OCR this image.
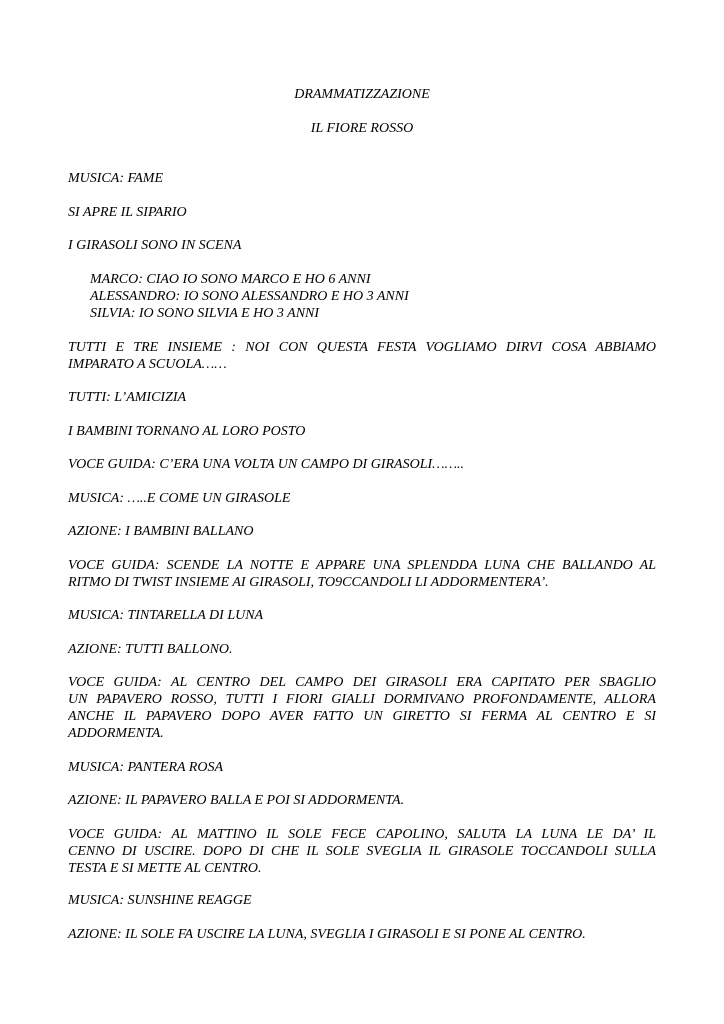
DRAMMATIZZAZIONE
IL FIORE ROSSO
MUSICA: FAME
SI APRE IL SIPARIO
I GIRASOLI SONO IN SCENA
MARCO: CIAO IO SONO MARCO E HO 6 ANNI
ALESSANDRO: IO SONO ALESSANDRO E HO 3 ANNI
SILVIA: IO SONO SILVIA E HO 3 ANNI
TUTTI E TRE INSIEME : NOI CON QUESTA FESTA VOGLIAMO DIRVI COSA ABBIAMO
IMPARATO A SCUOLA……
TUTTI: L’AMICIZIA
I BAMBINI TORNANO AL LORO POSTO
VOCE GUIDA: C’ERA UNA VOLTA UN CAMPO DI GIRASOLI……..
MUSICA: …..E COME UN GIRASOLE
AZIONE: I BAMBINI BALLANO
VOCE GUIDA: SCENDE LA NOTTE E APPARE UNA SPLENDDA LUNA CHE BALLANDO AL
RITMO DI TWIST INSIEME AI GIRASOLI, TO9CCANDOLI LI ADDORMENTERA’.
MUSICA: TINTARELLA DI LUNA
AZIONE: TUTTI BALLONO.
VOCE GUIDA: AL CENTRO DEL CAMPO DEI GIRASOLI ERA CAPITATO PER SBAGLIO
UN PAPAVERO ROSSO, TUTTI I FIORI GIALLI DORMIVANO PROFONDAMENTE, ALLORA
ANCHE IL PAPAVERO DOPO AVER FATTO UN GIRETTO SI FERMA AL CENTRO E SI
ADDORMENTA.
MUSICA: PANTERA ROSA
AZIONE: IL PAPAVERO BALLA E POI SI ADDORMENTA.
VOCE GUIDA: AL MATTINO IL SOLE FECE CAPOLINO, SALUTA LA LUNA LE DA’ IL
CENNO DI USCIRE. DOPO DI CHE IL SOLE SVEGLIA IL GIRASOLE TOCCANDOLI SULLA
TESTA E SI METTE AL CENTRO.
MUSICA: SUNSHINE REAGGE
AZIONE: IL SOLE FA USCIRE LA LUNA, SVEGLIA I GIRASOLI E SI PONE AL CENTRO.
